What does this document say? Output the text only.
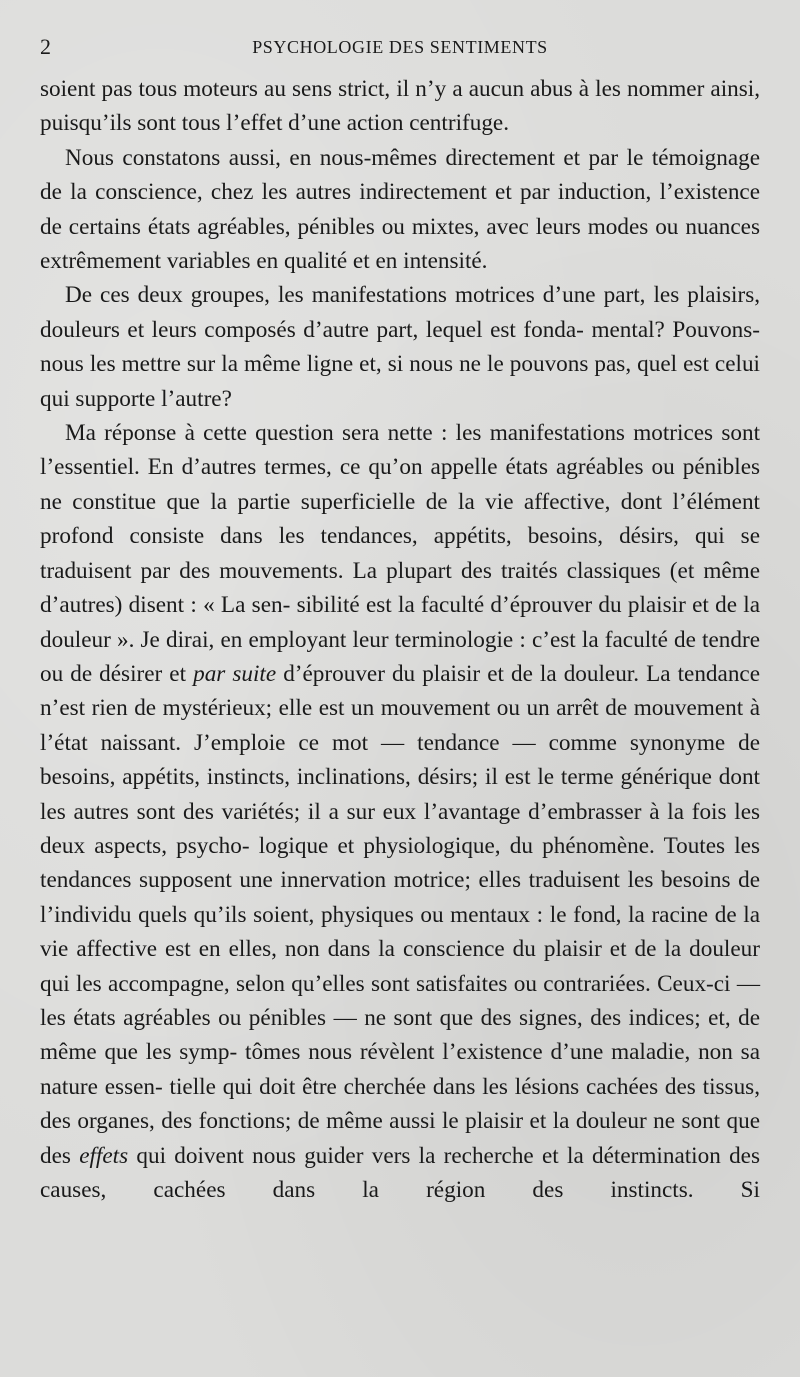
2	PSYCHOLOGIE DES SENTIMENTS

soient pas tous moteurs au sens strict, il n’y a aucun abus à les nommer ainsi, puisqu’ils sont tous l’effet d’une action centrifuge.

Nous constatons aussi, en nous-mêmes directement et par le témoignage de la conscience, chez les autres indirectement et par induction, l’existence de certains états agréables, pénibles ou mixtes, avec leurs modes ou nuances extrêmement variables en qualité et en intensité.

De ces deux groupes, les manifestations motrices d’une part, les plaisirs, douleurs et leurs composés d’autre part, lequel est fonda- mental? Pouvons-nous les mettre sur la même ligne et, si nous ne le pouvons pas, quel est celui qui supporte l’autre?

Ma réponse à cette question sera nette : les manifestations motrices sont l’essentiel. En d’autres termes, ce qu’on appelle états agréables ou pénibles ne constitue que la partie superficielle de la vie affective, dont l’élément profond consiste dans les tendances, appétits, besoins, désirs, qui se traduisent par des mouvements. La plupart des traités classiques (et même d’autres) disent : « La sen- sibilité est la faculté d’éprouver du plaisir et de la douleur ». Je dirai, en employant leur terminologie : c’est la faculté de tendre ou de désirer et par suite d’éprouver du plaisir et de la douleur. La tendance n’est rien de mystérieux; elle est un mouvement ou un arrêt de mouvement à l’état naissant. J’emploie ce mot — tendance — comme synonyme de besoins, appétits, instincts, inclinations, désirs; il est le terme générique dont les autres sont des variétés; il a sur eux l’avantage d’embrasser à la fois les deux aspects, psycho- logique et physiologique, du phénomène. Toutes les tendances supposent une innervation motrice; elles traduisent les besoins de l’individu quels qu’ils soient, physiques ou mentaux : le fond, la racine de la vie affective est en elles, non dans la conscience du plaisir et de la douleur qui les accompagne, selon qu’elles sont satisfaites ou contrariées. Ceux-ci — les états agréables ou pénibles — ne sont que des signes, des indices; et, de même que les symp- tômes nous révèlent l’existence d’une maladie, non sa nature essen- tielle qui doit être cherchée dans les lésions cachées des tissus, des organes, des fonctions; de même aussi le plaisir et la douleur ne sont que des effets qui doivent nous guider vers la recherche et la détermination des causes, cachées dans la région des instincts. Si
